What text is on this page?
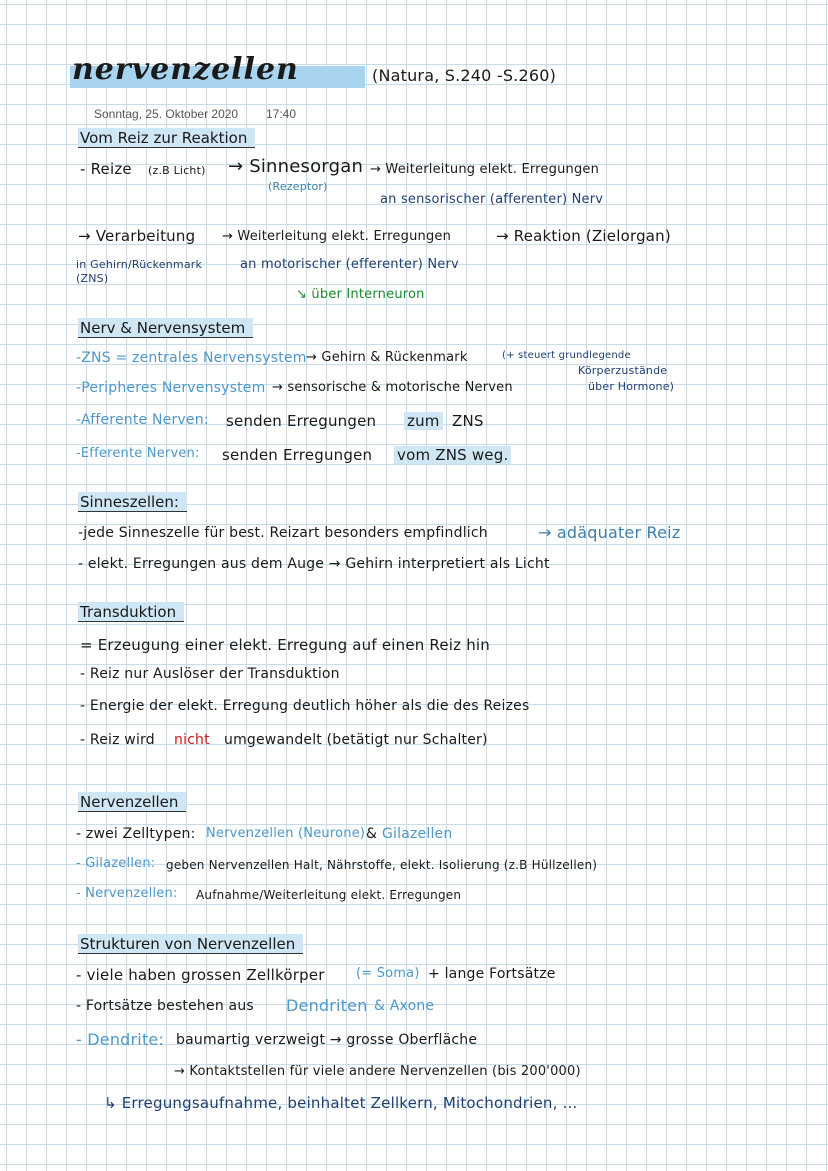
nervenzellen	(Natura, S.240 -S.260)
Sonntag, 25. Oktober 2020 17:40
Vom Reiz zur Reaktion
- Reize (z.B Licht) → Sinnesorgan → Weiterleitung elekt. Erregungen
(Rezeptor)
an sensorischer (afferenter) Nerv
→ Verarbeitung → Weiterleitung elekt. Erregungen	→ Reaktion (Zielorgan)
in Gehirn/Rückenmark
(ZNS)
an motorischer (efferenter) Nerv
↘ über Interneuron
Nerv & Nervensystem
-ZNS = zentrales Nervensystem → Gehirn & Rückenmark	(+ steuert grundlegende
Körperzustände
über Hormone)
-Peripheres Nervensystem → sensorische & motorische Nerven
-Afferente Nerven: senden Erregungen zum ZNS
-Efferente Nerven: senden Erregungen vom ZNS weg.
Sinneszellen:
-jede Sinneszelle für best. Reizart besonders empfindlich	→ adäquater Reiz
- elekt. Erregungen aus dem Auge → Gehirn interpretiert als Licht
Transduktion
= Erzeugung einer elekt. Erregung auf einen Reiz hin
- Reiz nur Auslöser der Transduktion
- Energie der elekt. Erregung deutlich höher als die des Reizes
- Reiz wird nicht umgewandelt (betätigt nur Schalter)
Nervenzellen
- zwei Zelltypen: Nervenzellen (Neurone) & Gilazellen
- Gilazellen: geben Nervenzellen Halt, Nährstoffe, elekt. Isolierung (z.B Hüllzellen)
- Nervenzellen: Aufnahme/Weiterleitung elekt. Erregungen
Strukturen von Nervenzellen
- viele haben grossen Zellkörper (= Soma) + lange Fortsätze
- Fortsätze bestehen aus Dendriten & Axone
- Dendrite: baumartig verzweigt → grosse Oberfläche
→ Kontaktstellen für viele andere Nervenzellen (bis 200'000)
↳ Erregungsaufnahme, beinhaltet Zellkern, Mitochondrien, ...
